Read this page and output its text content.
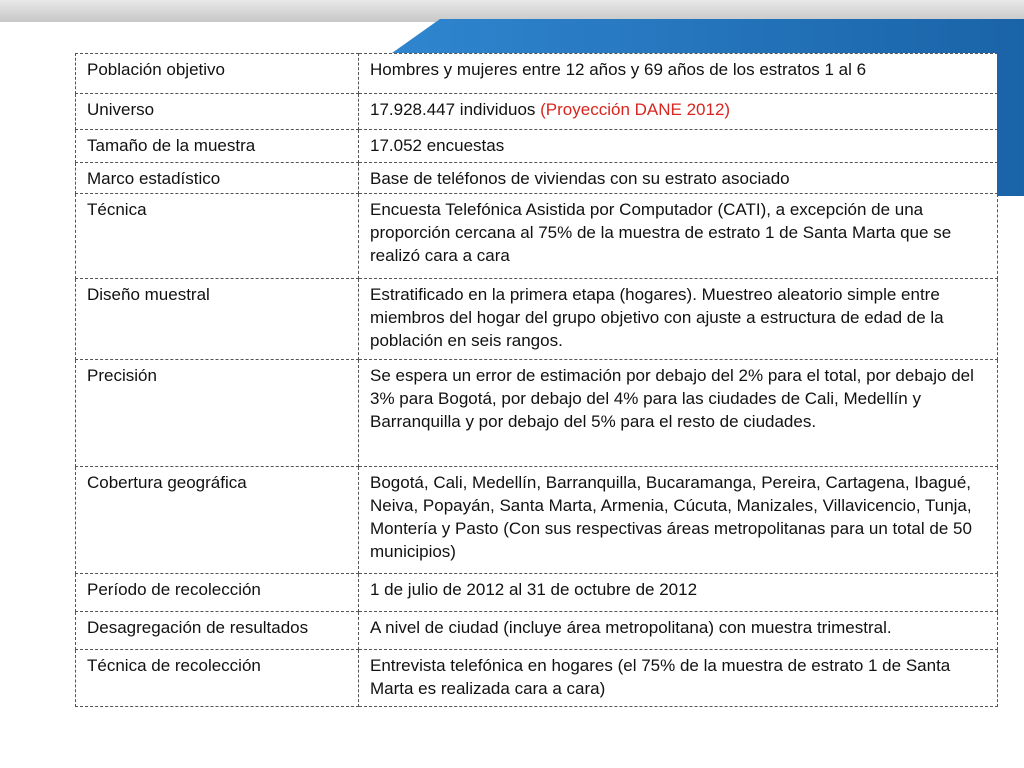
Población objetivo	Hombres y mujeres entre 12 años y 69 años de los estratos 1 al 6
Universo	17.928.447 individuos (Proyección DANE 2012)
Tamaño de la muestra	17.052 encuestas
Marco estadístico	Base de teléfonos de viviendas con su estrato asociado
Técnica	Encuesta Telefónica Asistida por Computador (CATI), a excepción de una proporción cercana al 75% de la muestra de estrato 1 de Santa Marta que se realizó cara a cara
Diseño muestral	Estratificado en la primera etapa (hogares). Muestreo aleatorio simple entre miembros del hogar del grupo objetivo con ajuste a estructura de edad de la población en seis rangos.
Precisión	Se espera un error de estimación por debajo del 2% para el total, por debajo del 3% para Bogotá, por debajo del 4% para las ciudades de Cali, Medellín y Barranquilla y por debajo del 5% para el resto de ciudades.
Cobertura geográfica	Bogotá, Cali, Medellín, Barranquilla, Bucaramanga, Pereira, Cartagena, Ibagué, Neiva, Popayán, Santa Marta, Armenia, Cúcuta, Manizales, Villavicencio, Tunja, Montería y Pasto (Con sus respectivas áreas metropolitanas para un total de 50 municipios)
Período de recolección	1 de julio de 2012 al 31 de octubre de 2012
Desagregación de resultados	A nivel de ciudad (incluye área metropolitana) con muestra trimestral.
Técnica de recolección	Entrevista telefónica en hogares (el 75% de la muestra de estrato 1 de Santa Marta es realizada cara a cara)
